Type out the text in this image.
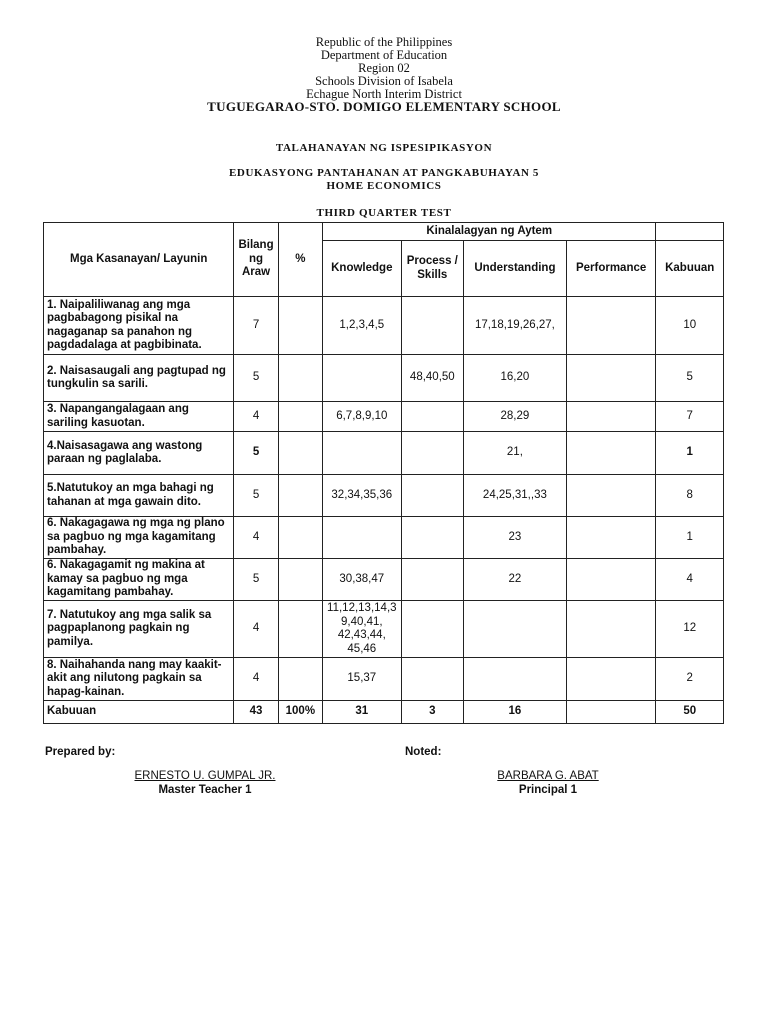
Republic of the Philippines
Department of Education
Region 02
Schools Division of Isabela
Echague North Interim District
TUGUEGARAO-STO. DOMIGO ELEMENTARY SCHOOL
TALAHANAYAN NG ISPESIPIKASYON
EDUKASYONG PANTAHANAN AT PANGKABUHAYAN 5
HOME ECONOMICS
THIRD QUARTER TEST
Mga Kasanayan/ Layunin	Bilang ng Araw	%	Kinalalagyan ng Aytem				
			Knowledge	Process / Skills	Understanding	Performance	Kabuuan
1. Naipaliliwanag ang mga pagbabagong pisikal na nagaganap sa panahon ng pagdadalaga at pagbibinata.	7		1,2,3,4,5		17,18,19,26,27,		10
2. Naisasaugali ang pagtupad ng tungkulin sa sarili.	5			48,40,50	16,20		5
3. Napangangalagaan ang sariling kasuotan.	4		6,7,8,9,10		28,29		7
4.Naisasagawa ang wastong paraan ng paglalaba.	5				21,		1
5.Natutukoy an mga bahagi ng tahanan at mga gawain dito.	5		32,34,35,36		24,25,31,,33		8
6. Nakagagawa ng mga ng plano sa pagbuo ng mga kagamitang pambahay.	4				23		1
6. Nakagagamit ng makina at kamay sa pagbuo ng mga kagamitang pambahay.	5		30,38,47		22		4
7. Natutukoy ang mga salik sa pagpaplanong pagkain ng pamilya.	4		11,12,13,14,39,40,41, 42,43,44, 45,46				12
8. Naihahanda nang may kaakit-akit ang nilutong pagkain sa hapag-kainan.	4		15,37				2
Kabuuan	43	100%	31	3	16		50
Prepared by:	Noted:
ERNESTO U. GUMPAL JR.
Master Teacher 1
BARBARA G. ABAT
Principal 1
